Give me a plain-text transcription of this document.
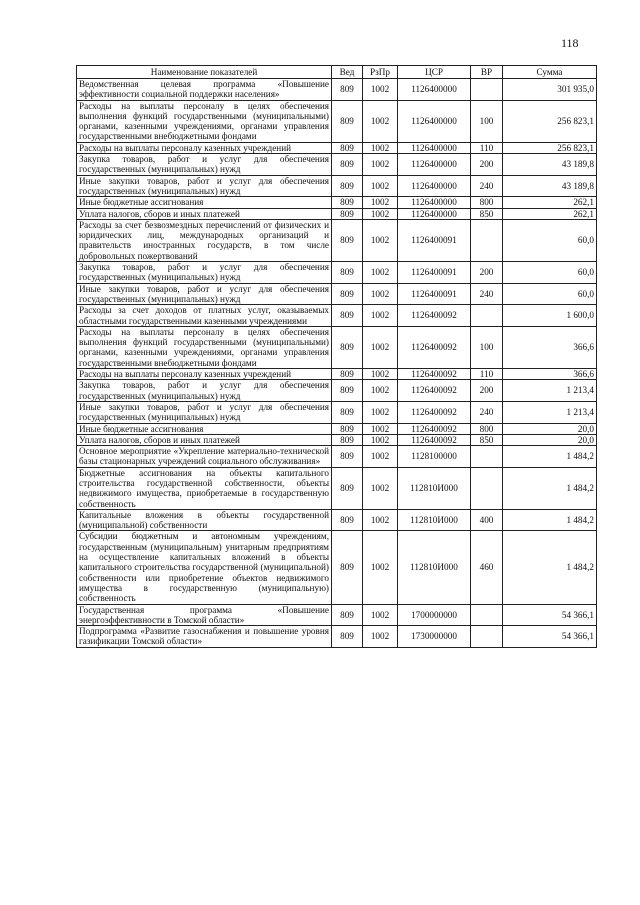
118
Наименование показателей	Вед	РзПр	ЦСР	ВР	Сумма
Ведомственная целевая программа «Повышение эффективности социальной поддержки населения»	809	1002	1126400000		301 935,0
Расходы на выплаты персоналу в целях обеспечения выполнения функций государственными (муниципальными) органами, казенными учреждениями, органами управления государственными внебюджетными фондами	809	1002	1126400000	100	256 823,1
Расходы на выплаты персоналу казенных учреждений	809	1002	1126400000	110	256 823,1
Закупка товаров, работ и услуг для обеспечения государственных (муниципальных) нужд	809	1002	1126400000	200	43 189,8
Иные закупки товаров, работ и услуг для обеспечения государственных (муниципальных) нужд	809	1002	1126400000	240	43 189,8
Иные бюджетные ассигнования	809	1002	1126400000	800	262,1
Уплата налогов, сборов и иных платежей	809	1002	1126400000	850	262,1
Расходы за счет безвозмездных перечислений от физических и юридических лиц, международных организаций и правительств иностранных государств, в том числе добровольных пожертвований	809	1002	1126400091		60,0
Закупка товаров, работ и услуг для обеспечения государственных (муниципальных) нужд	809	1002	1126400091	200	60,0
Иные закупки товаров, работ и услуг для обеспечения государственных (муниципальных) нужд	809	1002	1126400091	240	60,0
Расходы за счет доходов от платных услуг, оказываемых областными государственными казенными учреждениями	809	1002	1126400092		1 600,0
Расходы на выплаты персоналу в целях обеспечения выполнения функций государственными (муниципальными) органами, казенными учреждениями, органами управления государственными внебюджетными фондами	809	1002	1126400092	100	366,6
Расходы на выплаты персоналу казенных учреждений	809	1002	1126400092	110	366,6
Закупка товаров, работ и услуг для обеспечения государственных (муниципальных) нужд	809	1002	1126400092	200	1 213,4
Иные закупки товаров, работ и услуг для обеспечения государственных (муниципальных) нужд	809	1002	1126400092	240	1 213,4
Иные бюджетные ассигнования	809	1002	1126400092	800	20,0
Уплата налогов, сборов и иных платежей	809	1002	1126400092	850	20,0
Основное мероприятие «Укрепление материально-технической базы стационарных учреждений социального обслуживания»	809	1002	1128100000		1 484,2
Бюджетные ассигнования на объекты капитального строительства государственной собственности, объекты недвижимого имущества, приобретаемые в государственную собственность	809	1002	112810И000		1 484,2
Капитальные вложения в объекты государственной (муниципальной) собственности	809	1002	112810И000	400	1 484,2
Субсидии бюджетным и автономным учреждениям, государственным (муниципальным) унитарным предприятиям на осуществление капитальных вложений в объекты капитального строительства государственной (муниципальной) собственности или приобретение объектов недвижимого имущества в государственную (муниципальную) собственность	809	1002	112810И000	460	1 484,2
Государственная программа «Повышение энергоэффективности в Томской области»	809	1002	1700000000		54 366,1
Подпрограмма «Развитие газоснабжения и повышение уровня газификации Томской области»	809	1002	1730000000		54 366,1
